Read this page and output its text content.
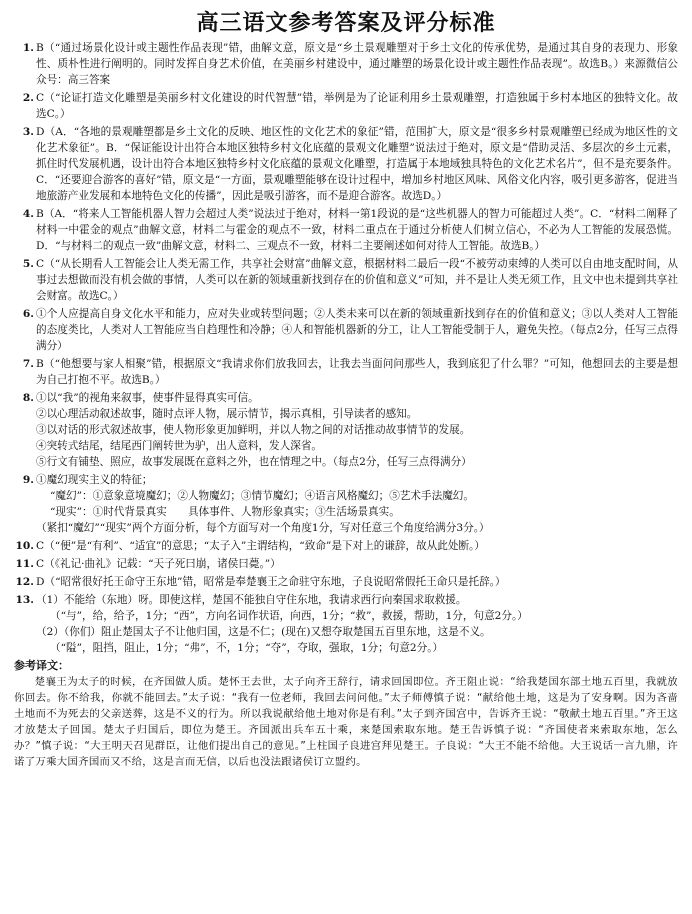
高三语文参考答案及评分标准
1 . B（“通过场景化设计或主题性作品表现”错，曲解文意，原文是“乡土景观雕塑对于乡土文化的传承优势，是通过其自身的表现力、形象性、质朴性进行阐明的。同时发挥自身艺术价值，在美丽乡村建设中，通过雕塑的场景化设计或主题性作品表现”。故选B。）来源微信公众号：高三答案
2 . C（“论证打造文化雕塑是美丽乡村文化建设的时代智慧”错，举例是为了论证利用乡土景观雕塑，打造独属于乡村本地区的独特文化。故选C。）
3 . D（A．“各地的景观雕塑都是乡土文化的反映、地区性的文化艺术的象征”错，范围扩大，原文是“很多乡村景观雕塑已经成为地区性的文化艺术象征”。B．“保证能设计出符合本地区独特乡村文化底蕴的景观文化雕塑”说法过于绝对，原文是“借助灵活、多层次的乡土元素，抓住时代发展机遇，设计出符合本地区独特乡村文化底蕴的景观文化雕塑，打造属于本地域独具特色的文化艺术名片”，但不是充要条件。C．“还要迎合游客的喜好”错，原文是“一方面，景观雕塑能够在设计过程中，增加乡村地区风味、风俗文化内容，吸引更多游客，促进当地旅游产业发展和本地特色文化的传播”，因此是吸引游客，而不是迎合游客。故选D。）
4 . B（A．“将来人工智能机器人智力会超过人类”说法过于绝对，材料一第1段说的是“这些机器人的智力可能超过人类”。C．“材料二阐释了材料一中霍金的观点”曲解文意，材料二与霍金的观点不一致，材料二重点在于通过分析使人们树立信心，不必为人工智能的发展恐慌。D．“与材料二的观点一致”曲解文意，材料二、三观点不一致，材料二主要阐述如何对待人工智能。故选B。）
5 . C（“从长期看人工智能会让人类无需工作，共享社会财富”曲解文意，根据材料二最后一段“不被劳动束缚的人类可以自由地支配时间，从事过去想做而没有机会做的事情，人类可以在新的领域重新找到存在的价值和意义”可知，并不是让人类无须工作，且文中也未提到共享社会财富。故选C。）
6 . ①个人应提高自身文化水平和能力，应对失业或转型问题；②人类未来可以在新的领域重新找到存在的价值和意义；③以人类对人工智能的态度类比，人类对人工智能应当自趋理性和冷静；④人和智能机器新的分工，让人工智能受制于人，避免失控。（每点2分，任写三点得满分）
7 . B（“他想要与家人相聚”错，根据原文“我请求你们放我回去，让我去当面问问那些人，我到底犯了什么罪？”可知，他想回去的主要是想为自己打抱不平。故选B。）
8 . ①以“我”的视角来叙事，使事件显得真实可信。
②以心理活动叙述故事，随时点评人物，展示情节，揭示真相，引导读者的感知。
③以对话的形式叙述故事，使人物形象更加鲜明，并以人物之间的对话推动故事情节的发展。
④突转式结尾，结尾西门阐转世为驴，出人意料，发人深省。
⑤行文有铺垫、照应，故事发展既在意料之外，也在情理之中。（每点2分，任写三点得满分）
9 . ①魔幻现实主义的特征；
“魔幻”：①意象意境魔幻；②人物魔幻；③情节魔幻；④语言风格魔幻；⑤艺术手法魔幻。
“现实”：①时代背景真实　　具体事件、人物形象真实；③生活场景真实。
（紧扣“魔幻”“现实”两个方面分析，每个方面写对一个角度1分，写对任意三个角度给满分3分。）
10 . C（“便”是“有利”、“适宜”的意思；“太子入”主谓结构，“致命”是下对上的谦辞，故从此处断。）
11 . C（《礼记·曲礼》记载：“天子死曰崩，诸侯曰薨。”）
12 . D（“昭常很好托王命守王东地”错，昭常是奉楚襄王之命驻守东地，子良说昭常假托王命只是托辞。）
13 . （1）不能给（东地）呀。即使这样，楚国不能独自守住东地，我请求西行向秦国求取救援。
（“与”，给，给予，1分；“西”，方向名词作状语，向西，1分；“救”，救援，帮助，1分，句意2分。）
（2）（你们）阻止楚国太子不让他归国，这是不仁；(现在)又想夺取楚国五百里东地，这是不义。
（“隘”，阻挡，阻止，1分；“弗”，不，1分；“夺”，夺取，强取，1分；句意2分。）
参考译文：
楚襄王为太子的时候，在齐国做人质。楚怀王去世，太子向齐王辞行，请求回国即位。齐王阻止说：“给我楚国东部土地五百里，我就放你回去。你不给我，你就不能回去。”太子说：“我有一位老师，我回去问问他。”太子师傅慎子说：“献给他土地，这是为了安身啊。因为吝啬土地而不为死去的父亲送葬，这是不义的行为。所以我说献给他土地对你是有利。”太子到齐国宫中，告诉齐王说：“敬献土地五百里。”齐王这才放楚太子回国。楚太子归国后，即位为楚王。齐国派出兵车五十乘，来楚国索取东地。楚王告诉慎子说：“齐国使者来索取东地，怎么办？”慎子说：“大王明天召见群臣，让他们提出自己的意见。”上柱国子良进宫拜见楚王。子良说：“大王不能不给他。大王说话一言九鼎，许诺了万乘大国齐国而又不给，这是言而无信，以后也没法跟诸侯订立盟约。
